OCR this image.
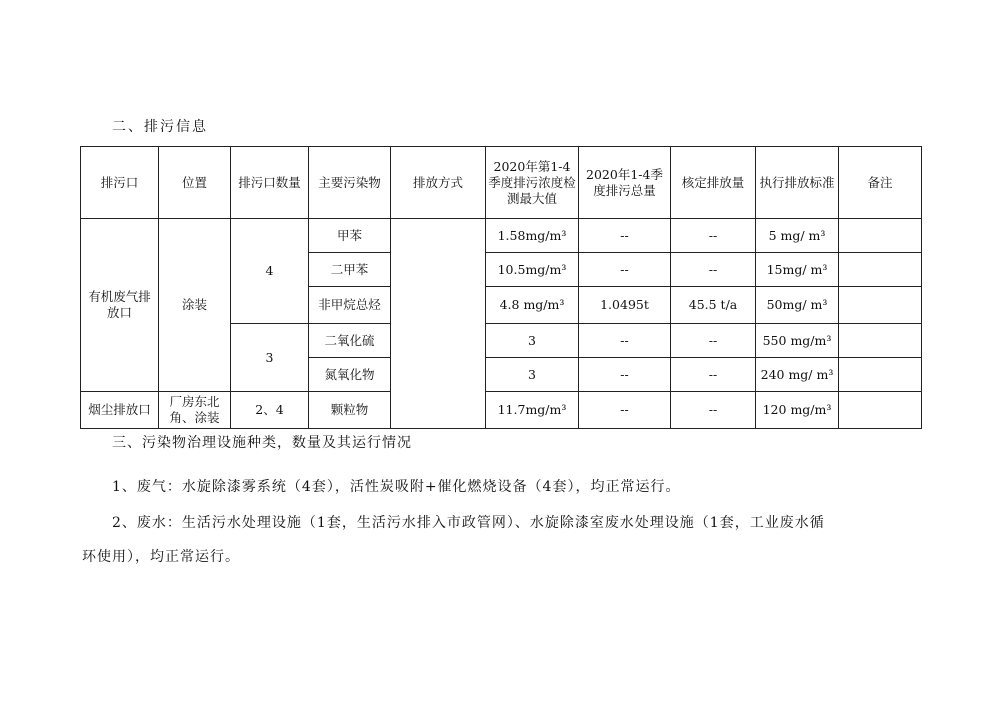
二、排污信息
排污口	位置	排污口数量	主要污染物	排放方式	2020年第1-4季度排污浓度检测最大值	2020年1-4季度排污总量	核定排放量	执行排放标准	备注
有机废气排放口	涂装	4	甲苯		1.58mg/m³	--	--	5 mg/ m³	
			二甲苯		10.5mg/m³	--	--	15mg/ m³	
			非甲烷总烃		4.8 mg/m³	1.0495t	45.5 t/a	50mg/ m³	
		3	二氧化硫		3	--	--	550 mg/m³	
			氮氧化物		3	--	--	240 mg/ m³	
烟尘排放口	厂房东北角、涂装	2、4	颗粒物		11.7mg/m³	--	--	120 mg/m³	
三、污染物治理设施种类，数量及其运行情况
1、废气：水旋除漆雾系统（4套），活性炭吸附+催化燃烧设备（4套），均正常运行。
2、废水：生活污水处理设施（1套，生活污水排入市政管网）、水旋除漆室废水处理设施（1套，工业废水循
环使用），均正常运行。
